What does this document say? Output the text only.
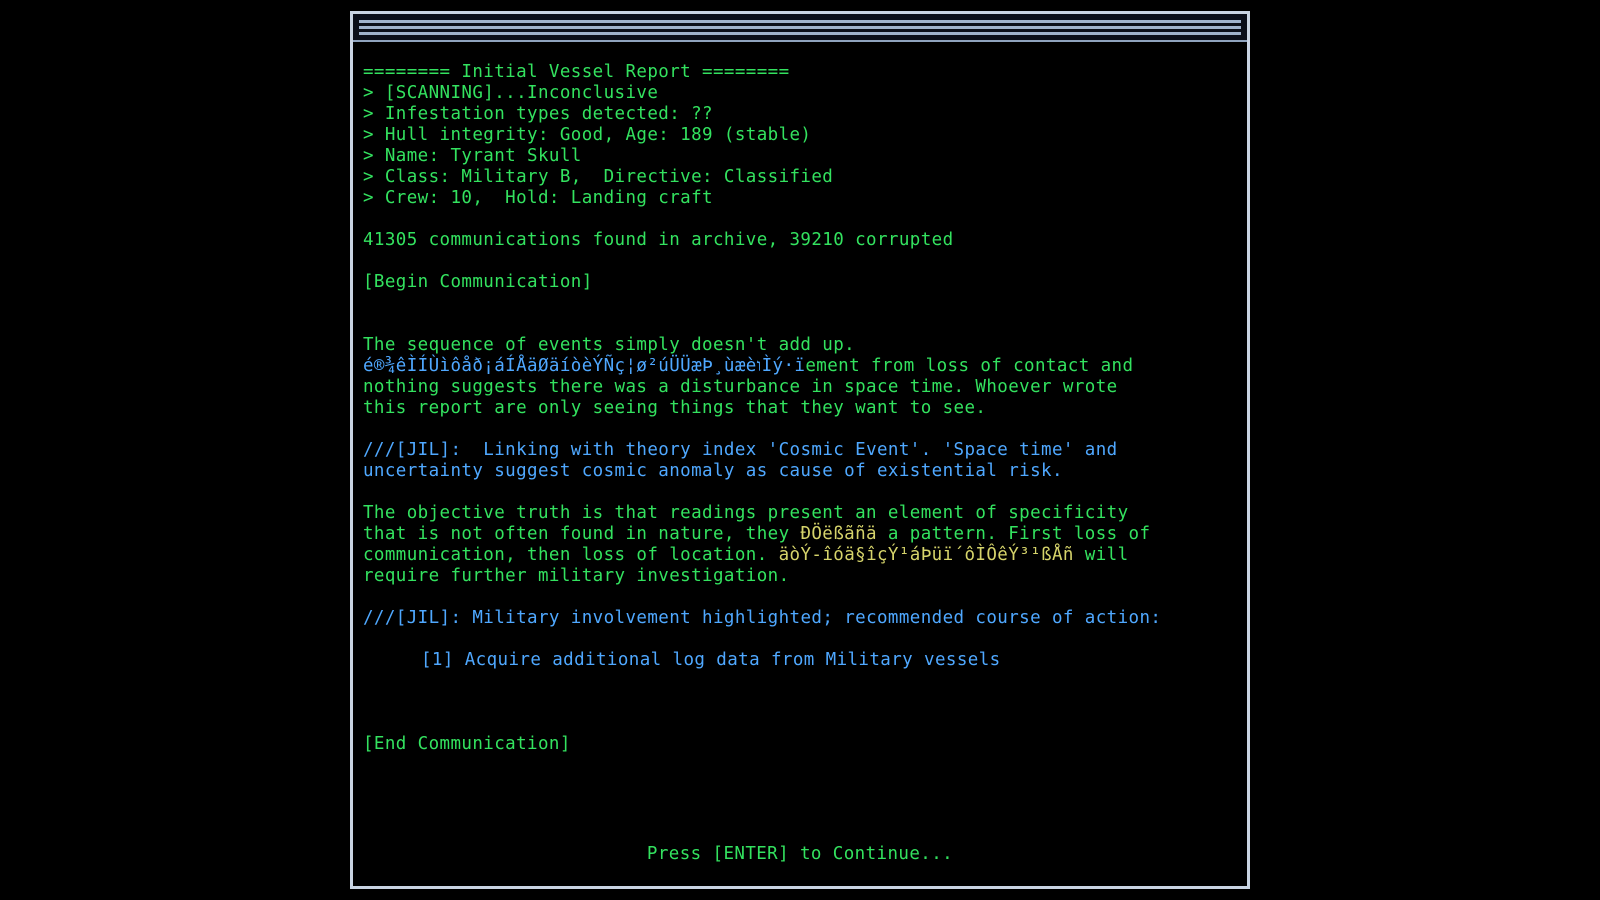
======== Initial Vessel Report ========
> [SCANNING]...Inconclusive
> Infestation types detected: ??
> Hull integrity: Good, Age: 189 (stable)
> Name: Tyrant Skull
> Class: Military B,  Directive: Classified
> Crew: 10,  Hold: Landing craft
41305 communications found in archive, 39210 corrupted
[Begin Communication]
The sequence of events simply doesn't add up.
é®¾êÌÍÙìôåð¡áÍÅäØäíòèÝÑç¦ø²úÜÜæÞ¸ùæèוÌý·ïement from loss of contact and
nothing suggests there was a disturbance in space time. Whoever wrote
this report are only seeing things that they want to see.
///[JIL]:  Linking with theory index 'Cosmic Event'. 'Space time' and
uncertainty suggest cosmic anomaly as cause of existential risk.
The objective truth is that readings present an element of specificity
that is not often found in nature, they ÐÖëßãñä a pattern. First loss of
communication, then loss of location. äòÝ-îóä§îçÝ¹áÞüï´ôÌÔêÝ³¹ßÅñ will
require further military investigation.
///[JIL]: Military involvement highlighted; recommended course of action:
[1] Acquire additional log data from Military vessels
[End Communication]
Press [ENTER] to Continue...
